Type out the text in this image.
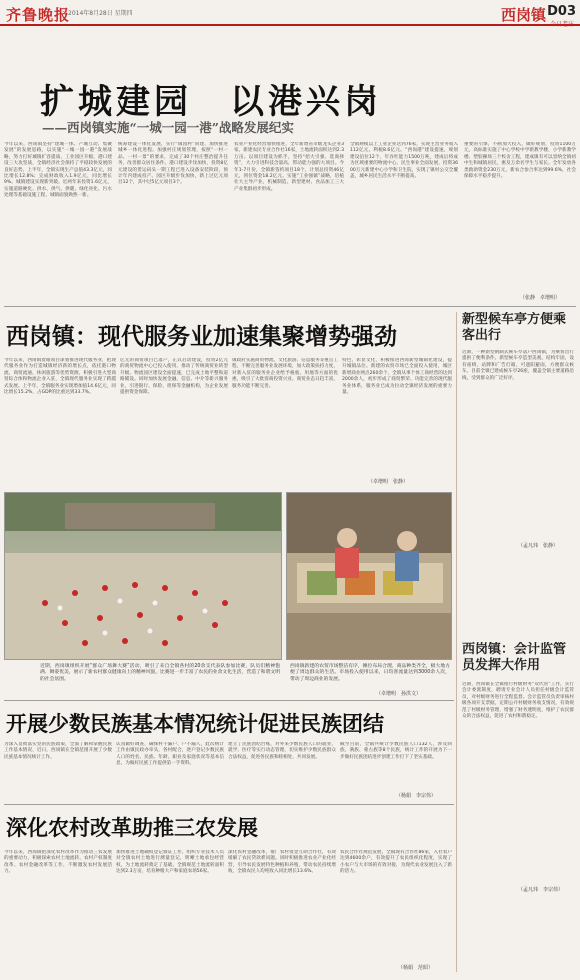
齐鲁晚报
2014年8月28日 星期四	西岗镇 D03
今日老庄
扩城建园　以港兴岗
——西岗镇实施“一城一园一港”战略发展纪实
今年以来，西岗镇坚持“建城一体、产城互动、集聚发展”的发展思路，以实施“一城一园一港”发展战略，努力打好城镇扩容提质、工业园区升级、港口建设三大攻坚战，全镇经济社会保持了平稳较快发展的良好态势。上半年，全镇实现生产总值43.3亿元，同比增长12.8%；完成财政收入1.9亿元，同比增长9%。城镇建设实现新突破。近两年来投资1.6亿元，实施道路硬化、供水、供气、供暖、绿化亮化、污水处理等基础设施工程，城镇面貌焕然一新。
统筹建设一体化发展，实行“镇园村”同建、加快推进城乡一体化进程。加强村庄规划管理，按照“一村一品、一村一景”的要求，完成了30个村庄整治提升任务，改善群众居住条件。港口建设步伐加快，投资8亿元建设的货运码头一期工程已进入设备安装阶段，预计年内建成投产。园区升级步伐加快，新上过亿元项目12个，其中过5亿元项目3个。
农业产业化经营加快推进，全年新增省市级龙头企业3家，新建农民专业合作社16家，土地流转面积达到2.3万亩。以项目建设为抓手，坚持“招大引强、选商择资”，大力引进科技含量高、带动能力强的大项目。今年1-7月份，全镇新签约项目18个，计划总投资46亿元，到位资金18.2亿元。实施“工业强镇”战略，培植壮大主导产业，机械制造、新型建材、食品加工三大产业集群初步形成。
全镇规模以上工业企业达到76家，实现主营业务收入112亿元，利税8.6亿元。“西岗港”建设提速，规划建设泊位12个，年吞吐能力1500万吨，建成后将成为区域重要的物流中心。民生事业全面发展，投资3600万元新建中心小学和卫生院，实现了镇村公交全覆盖，城乡居民生活水平不断提高。
重要的引擎，不断加大投入，做好规划，投资1100万元，高标准实施了中心学校中学新教学楼、小学新教学楼、塑胶操场三个校舍工程，建成镇有可以容纳全镇初中生和城镇居民，惠及万余名学生与家长。全年发放各类救助资金230万元，新农合参合率达到99.6%，社会保障水平稳步提升。
（张静　卓增明）
西岗镇：现代服务业加速集聚增势强劲
今年以来，西岗镇着眼项目谋划推进现代服务业，把现代服务业作为打造城镇经济新的增长点，依托港口物流、商贸流通、休闲旅游等优势资源，积极引进大型商贸综合体和物流企业入驻，全镇现代服务业实现了跨越式发展。上半年，全镇服务业实现增加值14.6亿元，同比增长15.2%，占GDP的比重达到33.7%。
亿元的商贸项目已落户，正式启动建设，投资2亿元的商贸物流中心已投入使用，推动了传统商贸业转型升级。物流园区建设全面提速，已完成土地平整和道路铺设。同时加快发展金融、信息、中介等新兴服务业，引进银行、保险、担保等金融机构，为企业发展提供资金保障。
镇政府实施商贸物流、文化旅游、信息服务等重点工程，不断完善服务业发展环境，加大政策扶持力度，对新入驻的服务业企业给予税收、用地等方面的优惠，吸引了大批客商投资兴业。商贸业态日趋丰富，服务功能不断完善。
特色，彰显文化，积极推进西岗新型城镇化建设，提升城镇品位。新建的农贸市场已全面投入使用，城区新增商业网点260余个，全镇从事个体工商经营的达到2000余人，初步形成了商贸繁荣、功能完善的现代服务业体系，服务业已成为拉动全镇经济发展的重要力量。
（卓增明　张静）
近期，西岗镇组织开展“群众广场舞大赛”活动，吸引了来自全镇各村的20余支代表队参加比赛，队员们精神饱满、舞姿优美，展示了新农村群众健康向上的精神风貌。比赛进一步丰富了农民的业余文化生活，营造了和谐文明的社会氛围。
西岗镇新建的农贸市场整洁有序，摊位布局合理，商品种类齐全，极大地方便了周边群众的生活。市场投入使用以来，日均客流量达到3000余人次，带动了周边商业的发展。
（卓增明　孙洪文）
新型候车亭方便乘客出行
近期，一种新型钢制式候车亭落户西岗镇，为乘客出行提供了便利条件。新型候车亭造型美观、结构牢固，设有座椅、站牌和广告灯箱，可遮阳避雨，方便群众候车。目前全镇已建成候车亭26座，覆盖全镇主要道路沿线，受到群众的广泛好评。
（孟凡玮　张静）
西岗镇：会计监管员发挥大作用
近期，西岗镇在全镇推行村级财务“双代管”工作，实行会计委派制度，聘请专业会计人员担任村级会计监管员，对村级财务进行全程监督。会计监管员负责审核村级各项开支票据，定期公开村级财务收支情况，有效规范了村级财务管理，增强了财务透明度，维护了农民群众的合法权益，促进了农村和谐稳定。
（孟凡玮　李宗伟）
开展少数民族基本情况统计促进民族团结
为深入贯彻落实党的民族政策，全面了解和掌握民族工作基本情况，近日，西岗镇在全镇范围开展了少数民族基本情况统计工作。
认真做好调查，确保村不漏户、户不漏人，此次统计工作由镇民政办牵头，各村配合，逐户登记少数民族人口的姓名、民族、年龄、职业及家庭状况等基本信息，为做好民族工作提供第一手资料。
建立了民族团结台账，对外来少数民族人口的就业、就学、医疗等实行动态管理，切实维护少数民族群众合法权益，促进各民族和睦相处，共同发展。
截至目前，全镇共统计少数民族人口132人，涉及回族、满族、蒙古族等8个民族，统计工作的开展为下一步做好民族团结进步创建工作打下了坚实基础。
（杨娟　李宗伟）
深化农村改革助推三农发展
今年以来，西岗镇把深化农村改革作为推动三农发展的重要动力，积极探索农村土地流转、农村产权制度改革、农村金融改革等工作，不断激发农村发展活力。
加快推进土地确权登记颁证工作，组织专业技术人员对全镇农村土地进行测量登记，明晰土地承包经营权，为土地流转奠定了基础。全镇规范土地流转面积达到2.3万亩，培育种粮大户和家庭农场56家。
深化农村金融改革，推广农村资金互助合作社，有效缓解了农民贷款难问题。同时积极推进农业产业化经营，引导农民发展特色种植和养殖，带动农民持续增收，全镇农民人均纯收入同比增长13.6%。
农民合作社规范发展，全镇现有合作社86家，入社农户达到4600余户，有效提升了农民组织化程度，实现了小农户与大市场的有效对接，为现代农业发展注入了新的活力。
（杨娟　范昭）
